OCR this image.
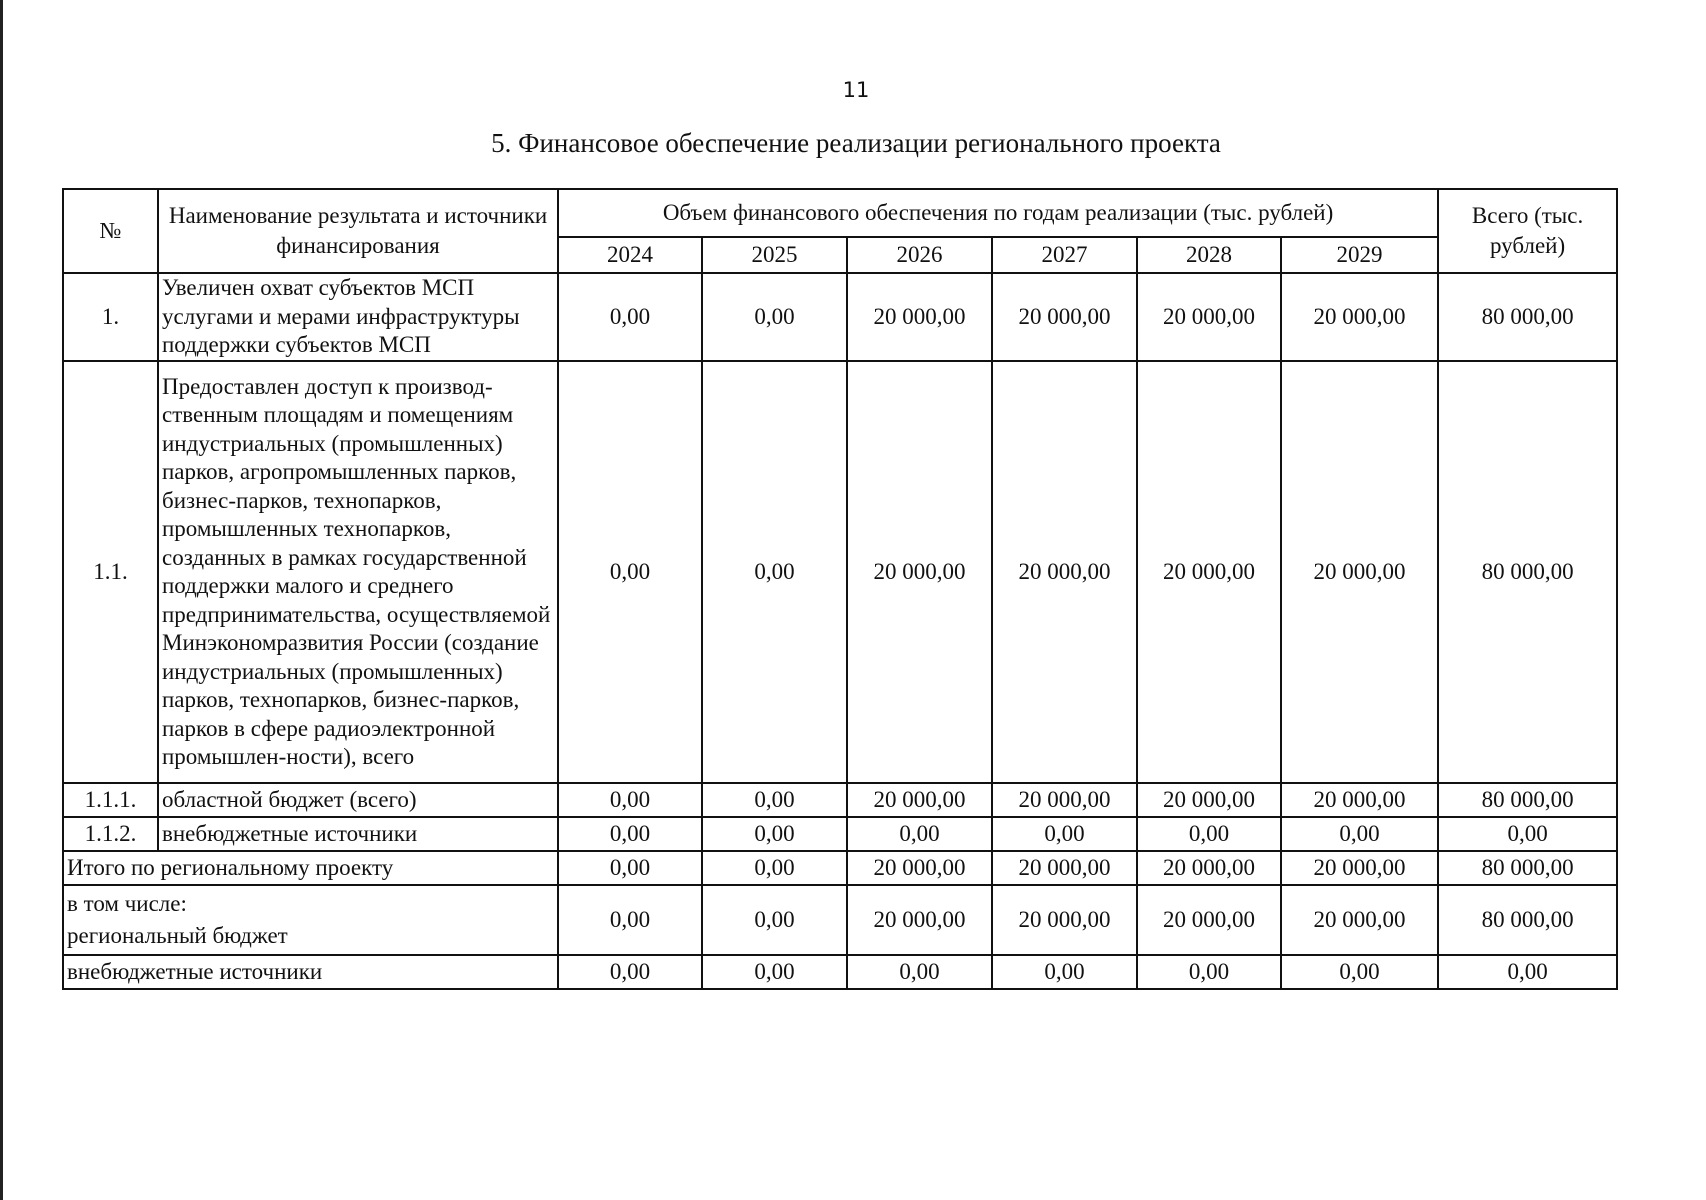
11
5. Финансовое обеспечение реализации регионального проекта
№	Наименование результата и источники финансирования	Объем финансового обеспечения по годам реализации (тыс. рублей)						Всего (тыс. рублей)
		2024	2025	2026	2027	2028	2029	
1.	Увеличен охват субъектов МСП услугами и мерами инфраструктуры поддержки субъектов МСП	0,00	0,00	20 000,00	20 000,00	20 000,00	20 000,00	80 000,00
1.1.	Предоставлен доступ к производ-ственным площадям и помещениям индустриальных (промышленных) парков, агропромышленных парков, бизнес-парков, технопарков, промышленных технопарков, созданных в рамках государственной поддержки малого и среднего предпринимательства, осуществляемой Минэкономразвития России (создание индустриальных (промышленных) парков, технопарков, бизнес-парков, парков в сфере радиоэлектронной промышлен-ности), всего	0,00	0,00	20 000,00	20 000,00	20 000,00	20 000,00	80 000,00
1.1.1.	областной бюджет (всего)	0,00	0,00	20 000,00	20 000,00	20 000,00	20 000,00	80 000,00
1.1.2.	внебюджетные источники	0,00	0,00	0,00	0,00	0,00	0,00	0,00
Итого по региональному проекту		0,00	0,00	20 000,00	20 000,00	20 000,00	20 000,00	80 000,00

в том числе:
региональный бюджет		0,00	0,00	20 000,00	20 000,00	20 000,00	20 000,00	80 000,00
внебюджетные источники		0,00	0,00	0,00	0,00	0,00	0,00	0,00
